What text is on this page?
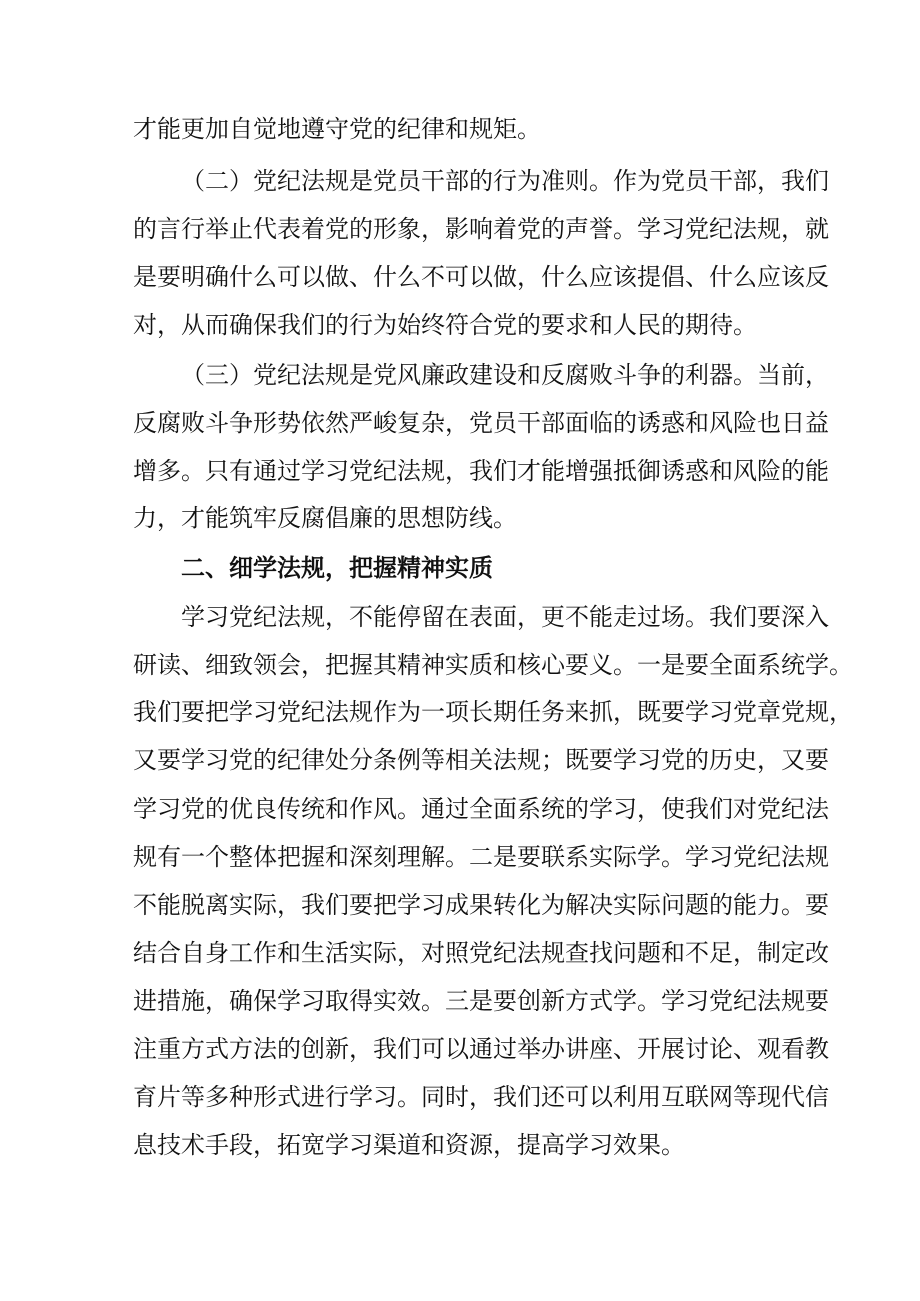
才能更加自觉地遵守党的纪律和规矩。
（二）党纪法规是党员干部的行为准则。作为党员干部，我们
的言行举止代表着党的形象，影响着党的声誉。学习党纪法规，就
是要明确什么可以做、什么不可以做，什么应该提倡、什么应该反
对，从而确保我们的行为始终符合党的要求和人民的期待。
（三）党纪法规是党风廉政建设和反腐败斗争的利器。当前，
反腐败斗争形势依然严峻复杂，党员干部面临的诱惑和风险也日益
增多。只有通过学习党纪法规，我们才能增强抵御诱惑和风险的能
力，才能筑牢反腐倡廉的思想防线。
二、细学法规，把握精神实质
学习党纪法规，不能停留在表面，更不能走过场。我们要深入
研读、细致领会，把握其精神实质和核心要义。一是要全面系统学。
我们要把学习党纪法规作为一项长期任务来抓，既要学习党章党规，
又要学习党的纪律处分条例等相关法规；既要学习党的历史，又要
学习党的优良传统和作风。通过全面系统的学习，使我们对党纪法
规有一个整体把握和深刻理解。二是要联系实际学。学习党纪法规
不能脱离实际，我们要把学习成果转化为解决实际问题的能力。要
结合自身工作和生活实际，对照党纪法规查找问题和不足，制定改
进措施，确保学习取得实效。三是要创新方式学。学习党纪法规要
注重方式方法的创新，我们可以通过举办讲座、开展讨论、观看教
育片等多种形式进行学习。同时，我们还可以利用互联网等现代信
息技术手段，拓宽学习渠道和资源，提高学习效果。
